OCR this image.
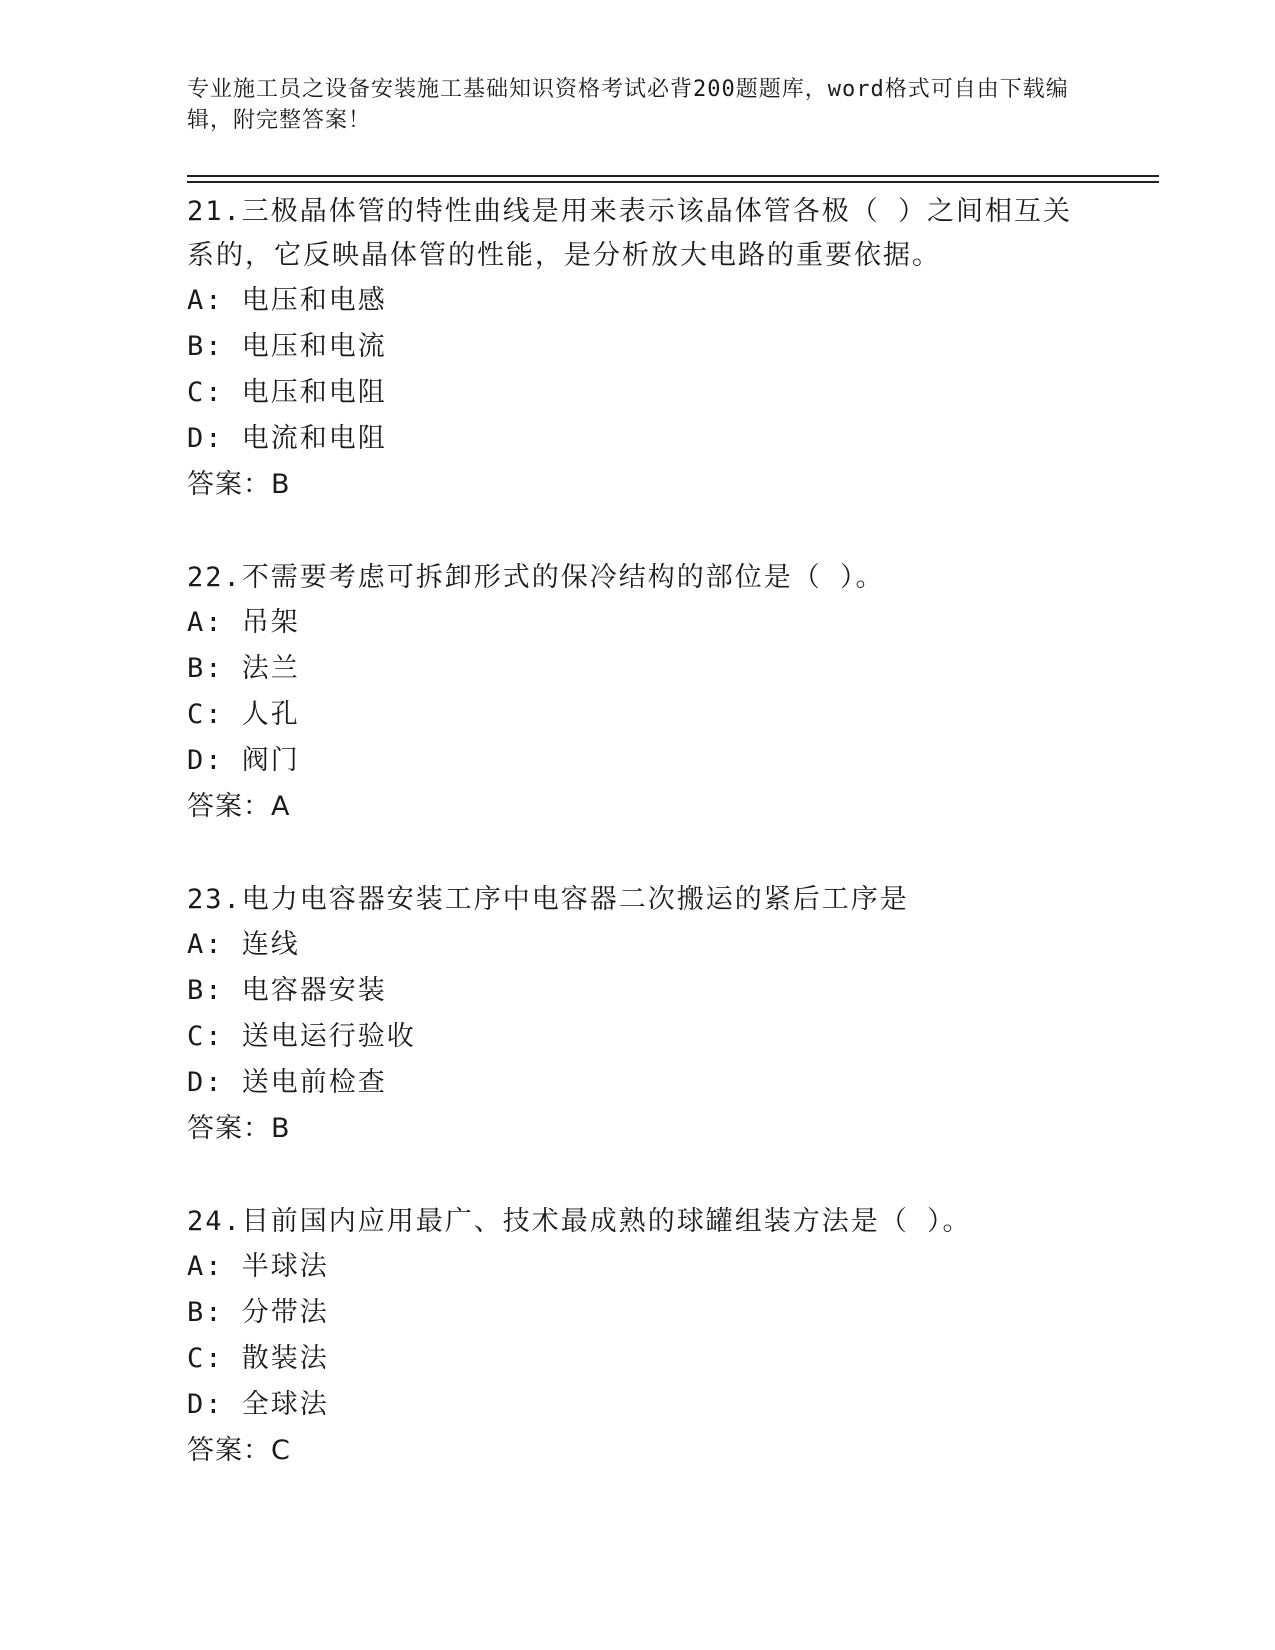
专业施工员之设备安装施工基础知识资格考试必背200题题库，word格式可自由下载编辑，附完整答案！

21.三极晶体管的特性曲线是用来表示该晶体管各极（ ）之间相互关系的，它反映晶体管的性能，是分析放大电路的重要依据。

A: 电压和电感

B: 电压和电流

C: 电压和电阻

D: 电流和电阻

答案：B

22.不需要考虑可拆卸形式的保冷结构的部位是（ ）。

A: 吊架

B: 法兰

C: 人孔

D: 阀门

答案：A

23.电力电容器安装工序中电容器二次搬运的紧后工序是

A: 连线

B: 电容器安装

C: 送电运行验收

D: 送电前检查

答案：B

24.目前国内应用最广、技术最成熟的球罐组装方法是（ ）。

A: 半球法

B: 分带法

C: 散装法

D: 全球法

答案：C
